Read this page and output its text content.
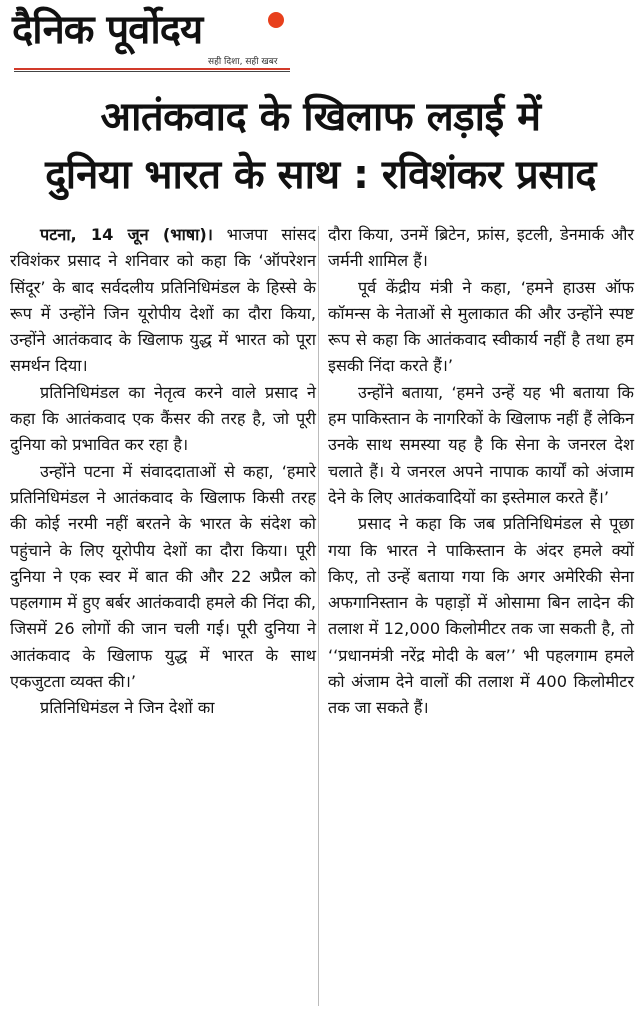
दैनिक पूर्वोदय
सही दिशा, सही खबर
आतंकवाद के खिलाफ लड़ाई में
दुनिया भारत के साथ : रविशंकर प्रसाद

पटना, 14 जून (भाषा)। भाजपा सांसद रविशंकर प्रसाद ने शनिवार को कहा कि ‘ऑपरेशन सिंदूर’ के बाद सर्वदलीय प्रतिनिधिमंडल के हिस्से के रूप में उन्होंने जिन यूरोपीय देशों का दौरा किया, उन्होंने आतंकवाद के खिलाफ युद्ध में भारत को पूरा समर्थन दिया।

प्रतिनिधिमंडल का नेतृत्व करने वाले प्रसाद ने कहा कि आतंकवाद एक कैंसर की तरह है, जो पूरी दुनिया को प्रभावित कर रहा है।

उन्होंने पटना में संवाददाताओं से कहा, ‘हमारे प्रतिनिधिमंडल ने आतंकवाद के खिलाफ किसी तरह की कोई नरमी नहीं बरतने के भारत के संदेश को पहुंचाने के लिए यूरोपीय देशों का दौरा किया। पूरी दुनिया ने एक स्वर में बात की और 22 अप्रैल को पहलगाम में हुए बर्बर आतंकवादी हमले की निंदा की, जिसमें 26 लोगों की जान चली गई। पूरी दुनिया ने आतंकवाद के खिलाफ युद्ध में भारत के साथ एकजुटता व्यक्त की।’

प्रतिनिधिमंडल ने जिन देशों का

दौरा किया, उनमें ब्रिटेन, फ्रांस, इटली, डेनमार्क और जर्मनी शामिल हैं।

पूर्व केंद्रीय मंत्री ने कहा, ‘हमने हाउस ऑफ कॉमन्स के नेताओं से मुलाकात की और उन्होंने स्पष्ट रूप से कहा कि आतंकवाद स्वीकार्य नहीं है तथा हम इसकी निंदा करते हैं।’

उन्होंने बताया, ‘हमने उन्हें यह भी बताया कि हम पाकिस्तान के नागरिकों के खिलाफ नहीं हैं लेकिन उनके साथ समस्या यह है कि सेना के जनरल देश चलाते हैं। ये जनरल अपने नापाक कार्यों को अंजाम देने के लिए आतंकवादियों का इस्तेमाल करते हैं।’

प्रसाद ने कहा कि जब प्रतिनिधिमंडल से पूछा गया कि भारत ने पाकिस्तान के अंदर हमले क्यों किए, तो उन्हें बताया गया कि अगर अमेरिकी सेना अफगानिस्तान के पहाड़ों में ओसामा बिन लादेन की तलाश में 12,000 किलोमीटर तक जा सकती है, तो ‘‘प्रधानमंत्री नरेंद्र मोदी के बल’’ भी पहलगाम हमले को अंजाम देने वालों की तलाश में 400 किलोमीटर तक जा सकते हैं।
